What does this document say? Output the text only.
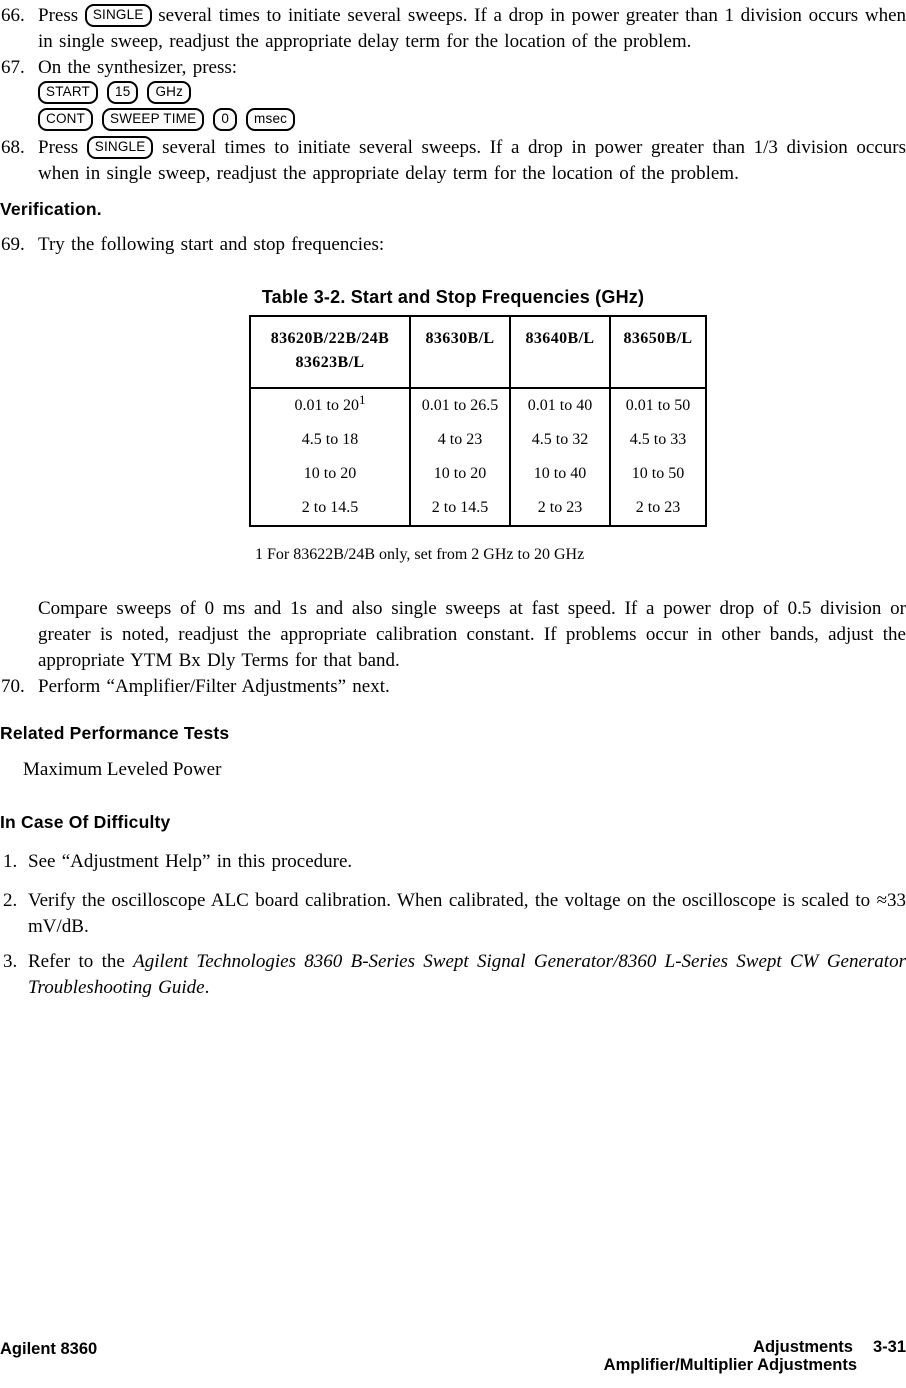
66. Press SINGLE several times to initiate several sweeps. If a drop in power greater than 1 division occurs when in single sweep, readjust the appropriate delay term for the location of the problem.
67. On the synthesizer, press:
START	15	GHz
CONT	SWEEP TIME	0	msec
68. Press SINGLE several times to initiate several sweeps. If a drop in power greater than 1/3 division occurs when in single sweep, readjust the appropriate delay term for the location of the problem.
Verification.
69. Try the following start and stop frequencies:
Table 3-2. Start and Stop Frequencies (GHz)
83620B/22B/24B
83623B/L	83630B/L	83640B/L	83650B/L
0.01 to $20^1$	0.01 to 26.5	0.01 to 40	0.01 to 50
4.5 to 18	4 to 23	4.5 to 32	4.5 to 33
10 to 20	10 to 20	10 to 40	10 to 50
2 to 14.5	2 to 14.5	2 to 23	2 to 23
1 For 83622B/24B only, set from 2 GHz to 20 GHz
Compare sweeps of 0 ms and 1s and also single sweeps at fast speed. If a power drop of 0.5 division or greater is noted, readjust the appropriate calibration constant. If problems occur in other bands, adjust the appropriate YTM Bx Dly Terms for that band.
70. Perform “Amplifier/Filter Adjustments” next.
Related Performance Tests
Maximum Leveled Power
In Case Of Difficulty
1. See “Adjustment Help” in this procedure.
2. Verify the oscilloscope ALC board calibration. When calibrated, the voltage on the oscilloscope is scaled to ≈33 mV/dB.
3. Refer to the Agilent Technologies 8360 B-Series Swept Signal Generator/8360 L-Series Swept CW Generator Troubleshooting Guide.
Agilent 8360	Adjustments 3-31
Amplifier/Multiplier Adjustments
